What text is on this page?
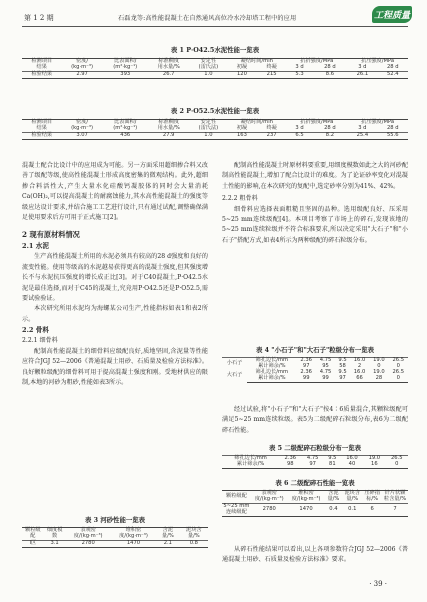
第 1 2 期	石磊龙等:高性能混凝土在自然通风高位冷水冷却塔工程中的应用	工程质量
表 1 P·O42.5水泥性能一览表
检测项目	密度/	比表面积/	标准稠度	安定性	凝结时间/min		抗折强度/MPa		抗压强度/MPa	
结果	(kg·m⁻³)	(m²·kg⁻¹)	用水量/%	(雷氏法)	初凝	终凝	3 d	28 d	3 d	28 d
检验结果	2.97	393	26.7	1.0	120	215	5.3	8.6	26.1	52.4
表 2 P·O52.5水泥性能一览表
检测项目	密度/	比表面积/	标准稠度	安定性	凝结时间/min		抗折强度/MPa		抗压强度/MPa	
结果	(kg·m⁻³)	(m²·kg⁻¹)	用水量/%	(雷氏法)	初凝	终凝	3 d	28 d	3 d	28 d
检验结果	3.07	436	27.9	1.0	163	237	6.5	8.2	25.4	55.6

混凝土配合比设计中的应用成为可能。另一方面采用超细掺合料又改善了级配等级,使高性能混凝土形成高度密集的微观结构。此外,超细掺合料活性大,产生大量水化硅酸钙凝胶体的同时会大量消耗Ca(OH)₂,可以提高混凝土的耐腐蚀能力,其水高性能混凝土的强度等级应达设计要求,并结合施工工艺进行设计,只有通过试配,调整确保满足使用要求后方可用于正式施工[2]。

2 现有原材料情况
2.1 水泥

生产高性能混凝土所用的水泥必须具有较高的28 d强度和良好的流变性能。使用等级高的水泥越易获得更高的混凝土强度,但其强度增长不与水泥抗压强度的增长成正比[3]。对于C40混凝土,P·O42.5水泥是最佳选择,而对于C45的混凝土,究竟用P·O42.5还是P·O52.5,需要试验验证。

本次研究所用水泥均为海螺某公司生产,性能指标如表1和表2所示。

2.2 骨料
2.2.1 细骨料

配制高性能混凝土的细骨料应级配良好,质地坚固,含泥量等性能应符合JGJ 52—2006《普通混凝土用砂、石质量及检验方法标准》。良好颗粒级配的细骨料可用于提高混凝土强度和刚。受地材供应的限制,本地的河砂为粗砂,性能如表3所示。

表 3 河砂性能一览表
颗粒级配	细度模数	表观密度/(kg·m⁻³)	堆积密度/(kg·m⁻³)	含泥量/%	泥块含量/%
I区	3.1	2780	1470	2.1	0.8

配制高性能混凝土时原材料要重要,用细度模数如此之大的河砂配制高性能混凝土,增加了配合比设计的难度。为了论证砂率变化对混凝土性能的影响,在本次研究的复配中,选定砂率分别为41%、42%。

2.2.2 粗骨料

细骨料应选择表面粗糙且坚固的品种。选用级配良好、压采用5~25 mm连续级配[4]。本项目考察了市场上的碎石,发现该地的5~25 mm连续粒级并不符合标准要求,所以决定采用"大石子"和"小石子"搭配方式,如表4所示为两种级配的碎石粒级分布。

表 4 "小石子"和"大石子"粒级分布一览表
小石子	筛孔边长/mm	2.36	4.75	9.5	16.0	19.0	26.5
	累计筛余/%	97	95	58	2	0	0
大石子	筛孔边长/mm	2.36	4.75	9.5	16.0	19.0	26.5
	累计筛余/%	99	99	97	66	28	0

经过试验,将"小石子"和"大石子"按4∶6质量混合,其颗粒级配可满足5~25 mm连续粒级。表5为二级配碎石粒级分布,表6为二级配碎石性能。

表 5 二级配碎石粒级分布一览表
筛孔边长/mm	2.36	4.75	9.5	16.0	19.0	26.5
累计筛余/%	98	97	81	40	16	0
表 6 二级配碎石性能一览表
颗粒级配	表观密度/(kg·m⁻³)	堆积密度/(kg·m⁻³)	含泥量/%	泥块含量/%	压碎指标/%	针片状颗粒含量/%
5~25 mm连续级配	2780	1470	0.4	0.1	6	7

从碎石性能结果可以看出,以上各项参数符合JGJ 52—2006《普通混凝土用砂、石质量及检验方法标准》要求。

· 39 ·
